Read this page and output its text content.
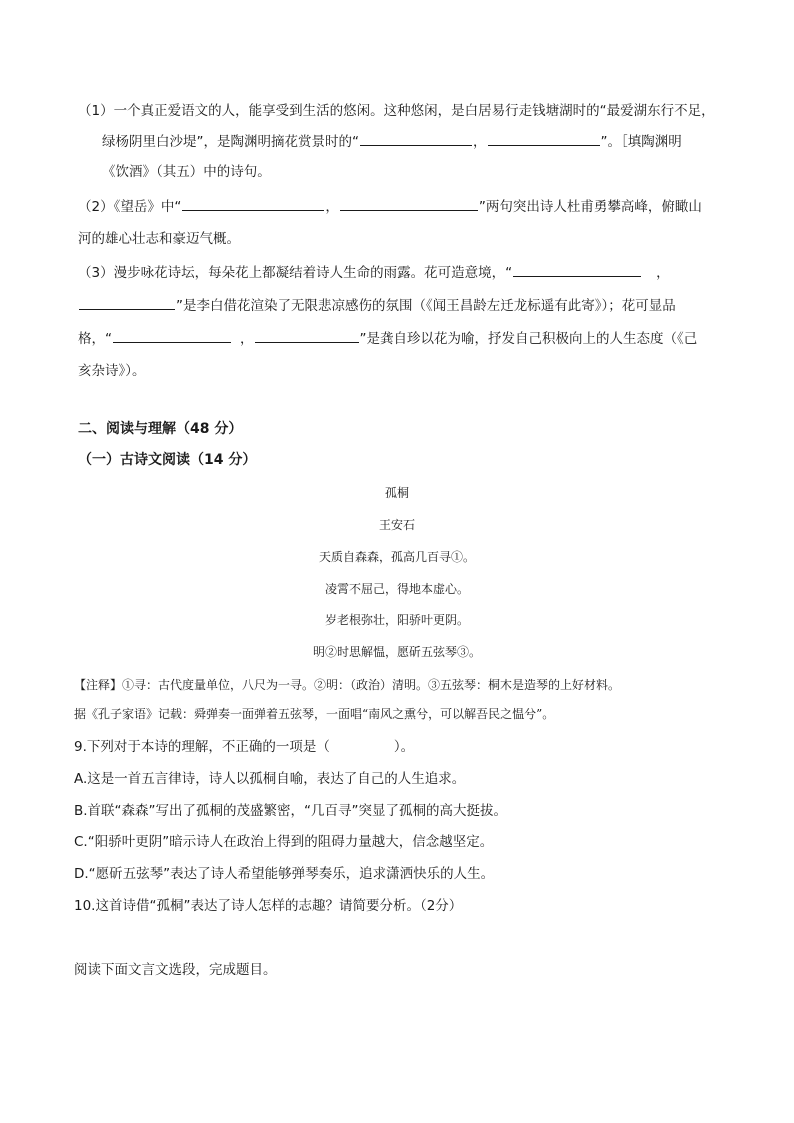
（1）一个真正爱语文的人，能享受到生活的悠闲。这种悠闲，是白居易行走钱塘湖时的“最爱湖东行不足，
绿杨阴里白沙堤”，是陶渊明摘花赏景时的“	，	”。［填陶渊明
《饮酒》（其五）中的诗句。
（2）《望岳》中“	，	”两句突出诗人杜甫勇攀高峰，俯瞰山
河的雄心壮志和豪迈气概。
（3）漫步咏花诗坛，每朵花上都凝结着诗人生命的雨露。花可造意境，“	，
”是李白借花渲染了无限悲凉感伤的氛围（《闻王昌龄左迁龙标遥有此寄》）；花可显品
格，“	，	”是龚自珍以花为喻，抒发自己积极向上的人生态度（《己
亥杂诗》）。
二、阅读与理解（48 分）
（一）古诗文阅读（14 分）
孤桐
王安石
天质自森森，孤高几百寻①。
凌霄不屈己，得地本虚心。
岁老根弥壮，阳骄叶更阴。
明②时思解愠，愿斫五弦琴③。
【注释】①寻：古代度量单位，八尺为一寻。②明：（政治）清明。③五弦琴：桐木是造琴的上好材料。
据《孔子家语》记载：舜弹奏一面弹着五弦琴，一面唱“南风之熏兮，可以解吾民之愠兮”。
9.下列对于本诗的理解，不正确的一项是（	）。
A.这是一首五言律诗，诗人以孤桐自喻，表达了自己的人生追求。
B.首联“森森”写出了孤桐的茂盛繁密，“几百寻”突显了孤桐的高大挺拔。
C.“阳骄叶更阴”暗示诗人在政治上得到的阻碍力量越大，信念越坚定。
D.“愿斫五弦琴”表达了诗人希望能够弹琴奏乐，追求潇洒快乐的人生。
10.这首诗借“孤桐”表达了诗人怎样的志趣？请简要分析。（2分）
阅读下面文言文选段，完成题目。
